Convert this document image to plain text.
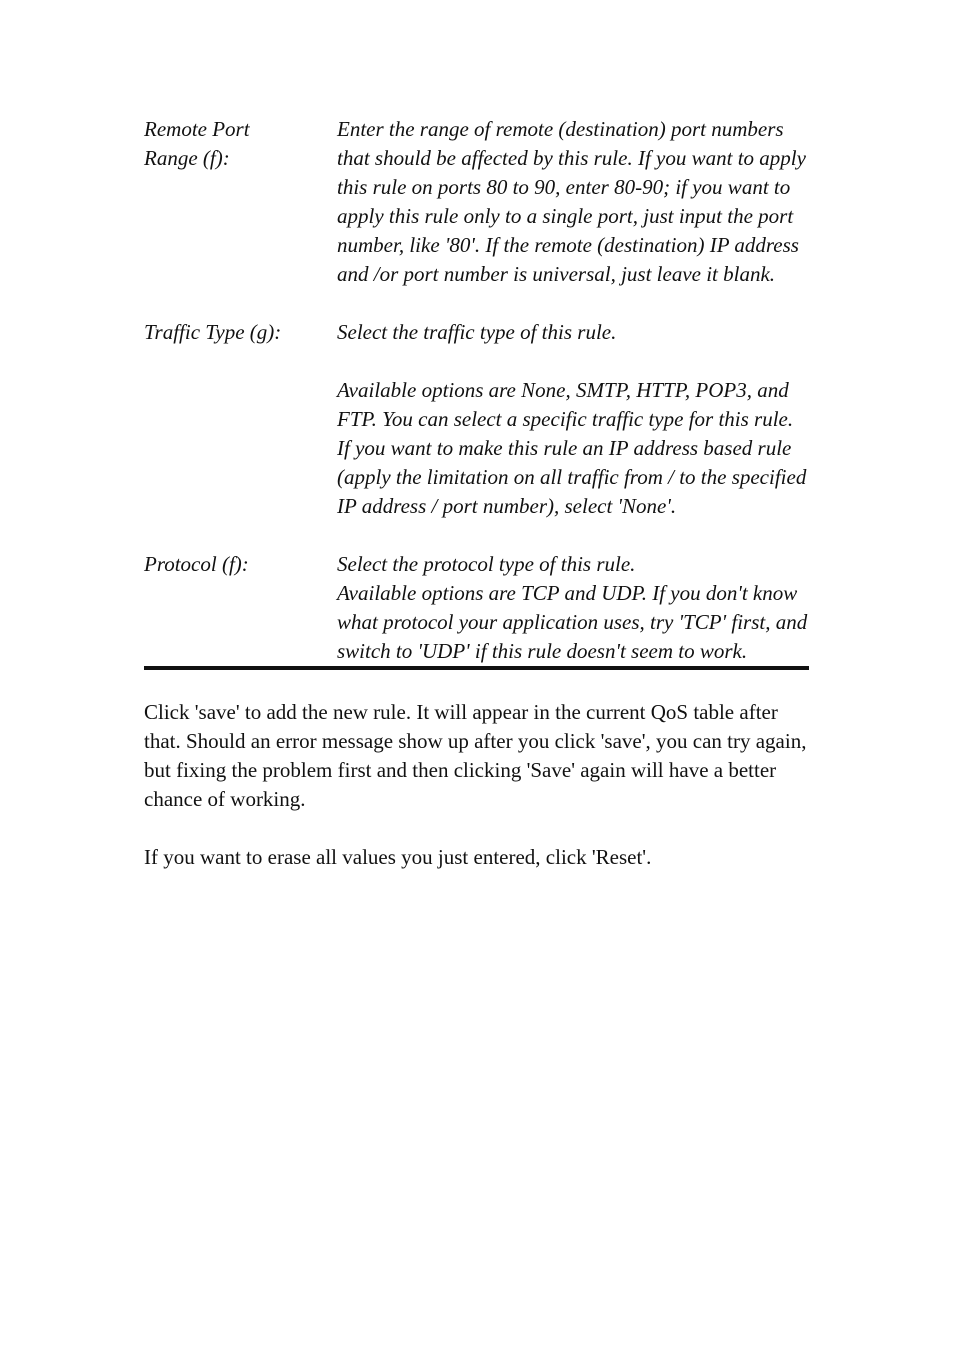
Remote Port
Range (f):

Enter the range of remote (destination) port numbers that should be affected by this rule. If you want to apply this rule on ports 80 to 90, enter 80-90; if you want to apply this rule only to a single port, just input the port number, like '80'. If the remote (destination) IP address and /or port number is universal, just leave it blank.

Traffic Type (g):	Select the traffic type of this rule.

Available options are None, SMTP, HTTP, POP3, and FTP. You can select a specific traffic type for this rule. If you want to make this rule an IP address based rule (apply the limitation on all traffic from / to the specified IP address / port number), select 'None'.

Protocol (f):	Select the protocol type of this rule.

Available options are TCP and UDP. If you don't know what protocol your application uses, try 'TCP' first, and switch to 'UDP' if this rule doesn't seem to work.

Click 'save' to add the new rule. It will appear in the current QoS table after that. Should an error message show up after you click 'save', you can try again, but fixing the problem first and then clicking 'Save' again will have a better chance of working.

If you want to erase all values you just entered, click 'Reset'.
